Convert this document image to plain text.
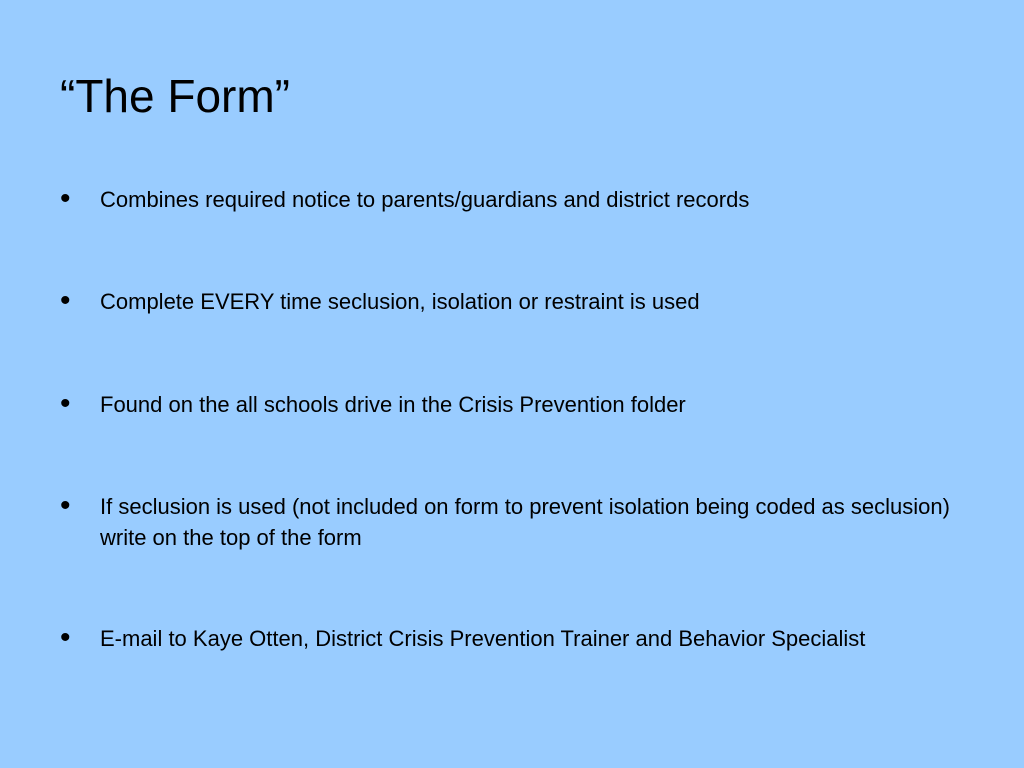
“The Form”
• Combines required notice to parents/guardians and district records
• Complete EVERY time seclusion, isolation or restraint is used
• Found on the all schools drive in the Crisis Prevention folder
• If seclusion is used (not included on form to prevent isolation being coded as seclusion) write on the top of the form
• E-mail to Kaye Otten, District Crisis Prevention Trainer and Behavior Specialist
